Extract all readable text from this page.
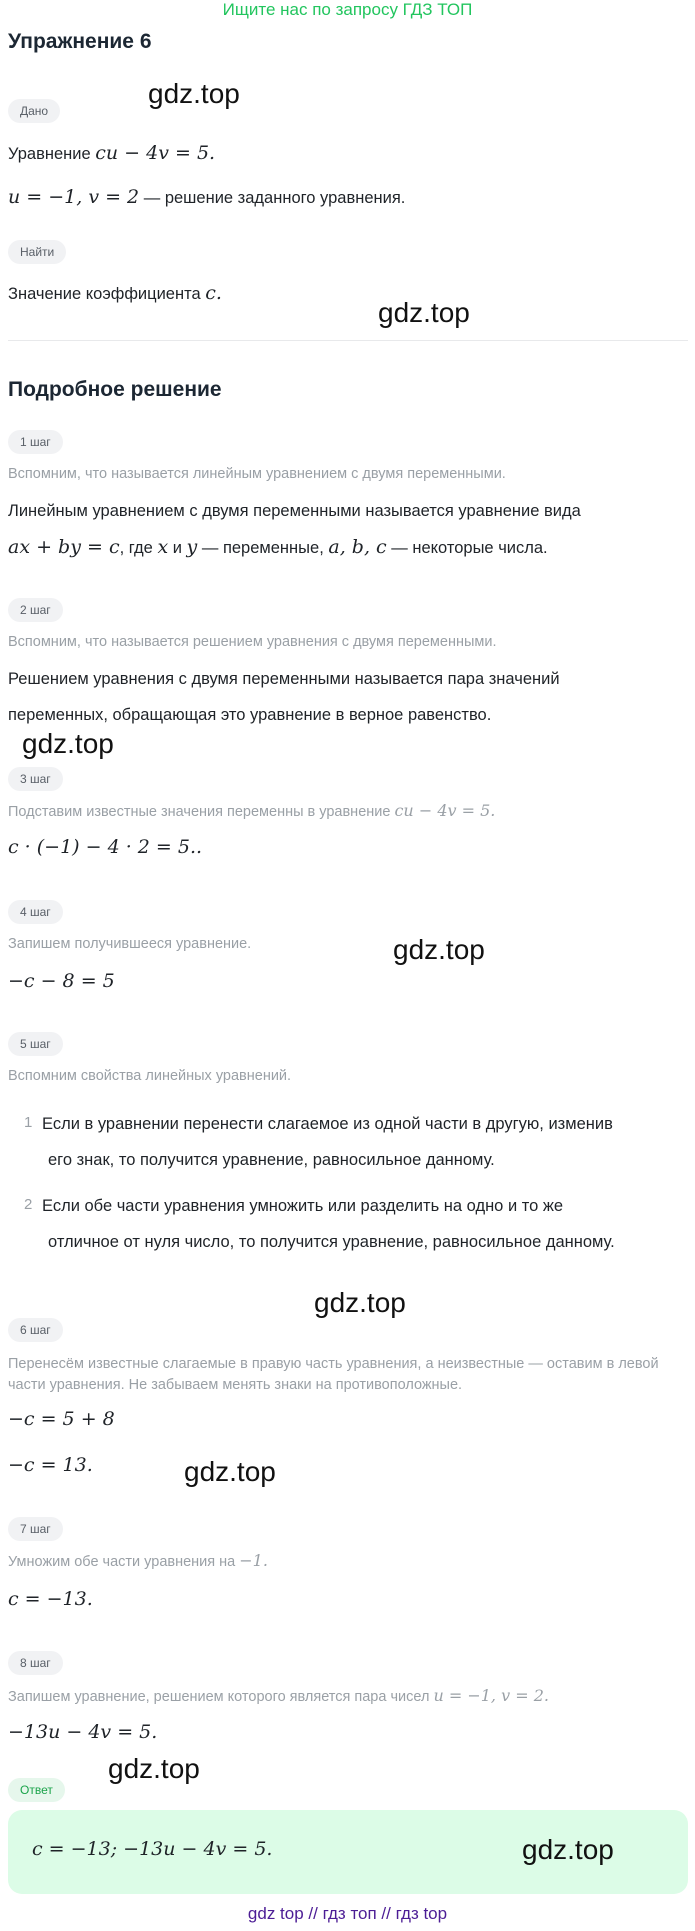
Ищите нас по запросу ГДЗ ТОП
Упражнение 6
gdz.top
Дано
Уравнение cu − 4v = 5.
u = −1, v = 2 — решение заданного уравнения.
Найти
Значение коэффициента c.
gdz.top
Подробное решение
1 шаг
Вспомним, что называется линейным уравнением с двумя переменными.
Линейным уравнением с двумя переменными называется уравнение вида
ax + by = c, где x и y — переменные, a, b, c — некоторые числа.
2 шаг
Вспомним, что называется решением уравнения с двумя переменными.
Решением уравнения с двумя переменными называется пара значений
переменных, обращающая это уравнение в верное равенство.
gdz.top
3 шаг
Подставим известные значения переменны в уравнение cu − 4v = 5.
c · (−1) − 4 · 2 = 5..
4 шаг
Запишем получившееся уравнение.	gdz.top
−c − 8 = 5
5 шаг
Вспомним свойства линейных уравнений.
1 Если в уравнении перенести слагаемое из одной части в другую, изменив
его знак, то получится уравнение, равносильное данному.
2 Если обе части уравнения умножить или разделить на одно и то же
отличное от нуля число, то получится уравнение, равносильное данному.
gdz.top
6 шаг
Перенесём известные слагаемые в правую часть уравнения, а неизвестные — оставим в левой части уравнения. Не забываем менять знаки на противоположные.
−c = 5 + 8
−c = 13.	gdz.top
7 шаг
Умножим обе части уравнения на −1.
c = −13.
8 шаг
Запишем уравнение, решением которого является пара чисел u = −1, v = 2.
−13u − 4v = 5.
Ответ
gdz.top
c = −13; −13u − 4v = 5.	gdz.top
gdz top // гдз топ // гдз top
